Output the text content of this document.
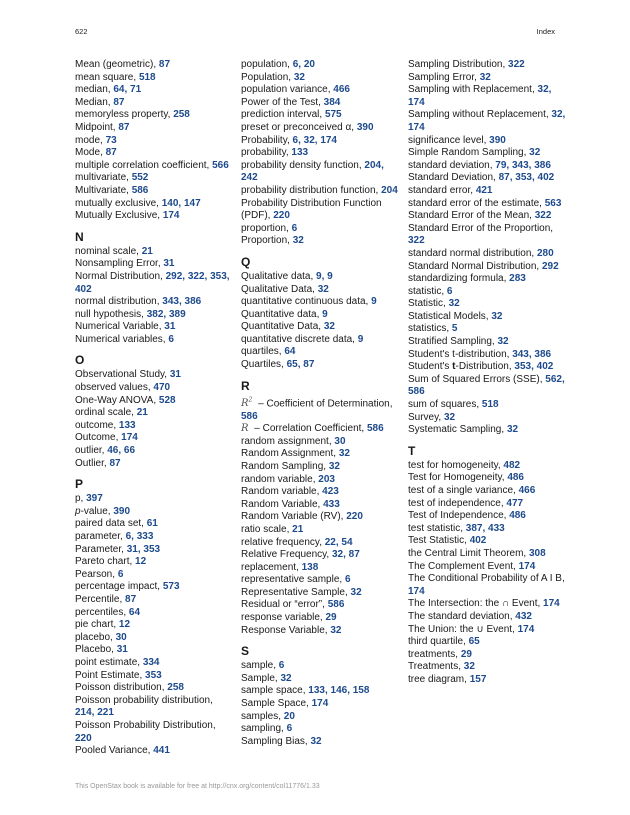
622	Index
Mean (geometric), 87
mean square, 518
median, 64, 71
Median, 87
memoryless property, 258
Midpoint, 87
mode, 73
Mode, 87
multiple correlation coefficient, 566
multivariate, 552
Multivariate, 586
mutually exclusive, 140, 147
Mutually Exclusive, 174
N
nominal scale, 21
Nonsampling Error, 31
Normal Distribution, 292, 322, 353, 402
normal distribution, 343, 386
null hypothesis, 382, 389
Numerical Variable, 31
Numerical variables, 6
O
Observational Study, 31
observed values, 470
One-Way ANOVA, 528
ordinal scale, 21
outcome, 133
Outcome, 174
outlier, 46, 66
Outlier, 87
P
p, 397
p-value, 390
paired data set, 61
parameter, 6, 333
Parameter, 31, 353
Pareto chart, 12
Pearson, 6
percentage impact, 573
Percentile, 87
percentiles, 64
pie chart, 12
placebo, 30
Placebo, 31
point estimate, 334
Point Estimate, 353
Poisson distribution, 258
Poisson probability distribution, 214, 221
Poisson Probability Distribution, 220
Pooled Variance, 441
population, 6, 20
Population, 32
population variance, 466
Power of the Test, 384
prediction interval, 575
preset or preconceived α, 390
Probability, 6, 32, 174
probability, 133
probability density function, 204, 242
probability distribution function, 204
Probability Distribution Function (PDF), 220
proportion, 6
Proportion, 32
Q
Qualitative data, 9, 9
Qualitative Data, 32
quantitative continuous data, 9
Quantitative data, 9
Quantitative Data, 32
quantitative discrete data, 9
quartiles, 64
Quartiles, 65, 87
R
$R^2$ – Coefficient of Determination, 586
R – Correlation Coefficient, 586
random assignment, 30
Random Assignment, 32
Random Sampling, 32
random variable, 203
Random variable, 423
Random Variable, 433
Random Variable (RV), 220
ratio scale, 21
relative frequency, 22, 54
Relative Frequency, 32, 87
replacement, 138
representative sample, 6
Representative Sample, 32
Residual or “error”, 586
response variable, 29
Response Variable, 32
S
sample, 6
Sample, 32
sample space, 133, 146, 158
Sample Space, 174
samples, 20
sampling, 6
Sampling Bias, 32
Sampling Distribution, 322
Sampling Error, 32
Sampling with Replacement, 32, 174
Sampling without Replacement, 32, 174
significance level, 390
Simple Random Sampling, 32
standard deviation, 79, 343, 386
Standard Deviation, 87, 353, 402
standard error, 421
standard error of the estimate, 563
Standard Error of the Mean, 322
Standard Error of the Proportion, 322
standard normal distribution, 280
Standard Normal Distribution, 292
standardizing formula, 283
statistic, 6
Statistic, 32
Statistical Models, 32
statistics, 5
Stratified Sampling, 32
Student's t-distribution, 343, 386
Student's t-Distribution, 353, 402
Sum of Squared Errors (SSE), 562, 586
sum of squares, 518
Survey, 32
Systematic Sampling, 32
T
test for homogeneity, 482
Test for Homogeneity, 486
test of a single variance, 466
test of independence, 477
Test of Independence, 486
test statistic, 387, 433
Test Statistic, 402
the Central Limit Theorem, 308
The Complement Event, 174
The Conditional Probability of A I B, 174
The Intersection: the ∩ Event, 174
The standard deviation, 432
The Union: the ∪ Event, 174
third quartile, 65
treatments, 29
Treatments, 32
tree diagram, 157
This OpenStax book is available for free at http://cnx.org/content/col11776/1.33
